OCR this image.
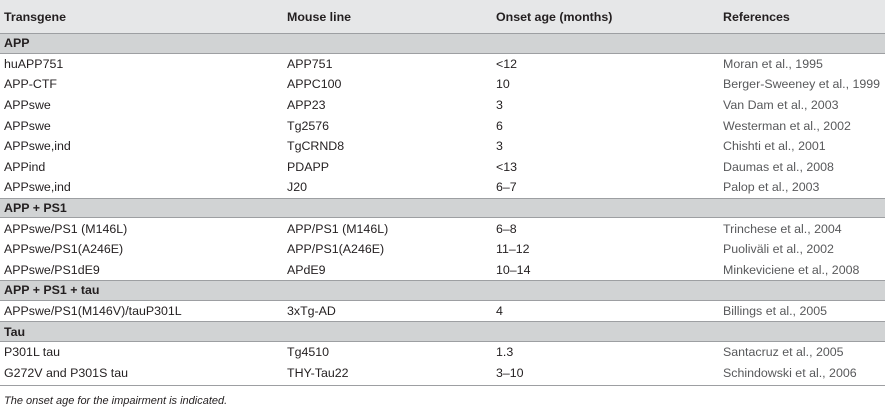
Transgene	Mouse line	Onset age (months)	References
APP
huAPP751	APP751	<12	Moran et al., 1995
APP-CTF	APPC100	10	Berger-Sweeney et al., 1999
APPswe	APP23	3	Van Dam et al., 2003
APPswe	Tg2576	6	Westerman et al., 2002
APPswe,ind	TgCRND8	3	Chishti et al., 2001
APPind	PDAPP	<13	Daumas et al., 2008
APPswe,ind	J20	6–7	Palop et al., 2003
APP + PS1
APPswe/PS1 (M146L)	APP/PS1 (M146L)	6–8	Trinchese et al., 2004
APPswe/PS1(A246E)	APP/PS1(A246E)	11–12	Puoliväli et al., 2002
APPswe/PS1dE9	APdE9	10–14	Minkeviciene et al., 2008
APP + PS1 + tau
APPswe/PS1(M146V)/tauP301L	3xTg-AD	4	Billings et al., 2005
Tau
P301L tau	Tg4510	1.3	Santacruz et al., 2005
G272V and P301S tau	THY-Tau22	3–10	Schindowski et al., 2006
The onset age for the impairment is indicated.
